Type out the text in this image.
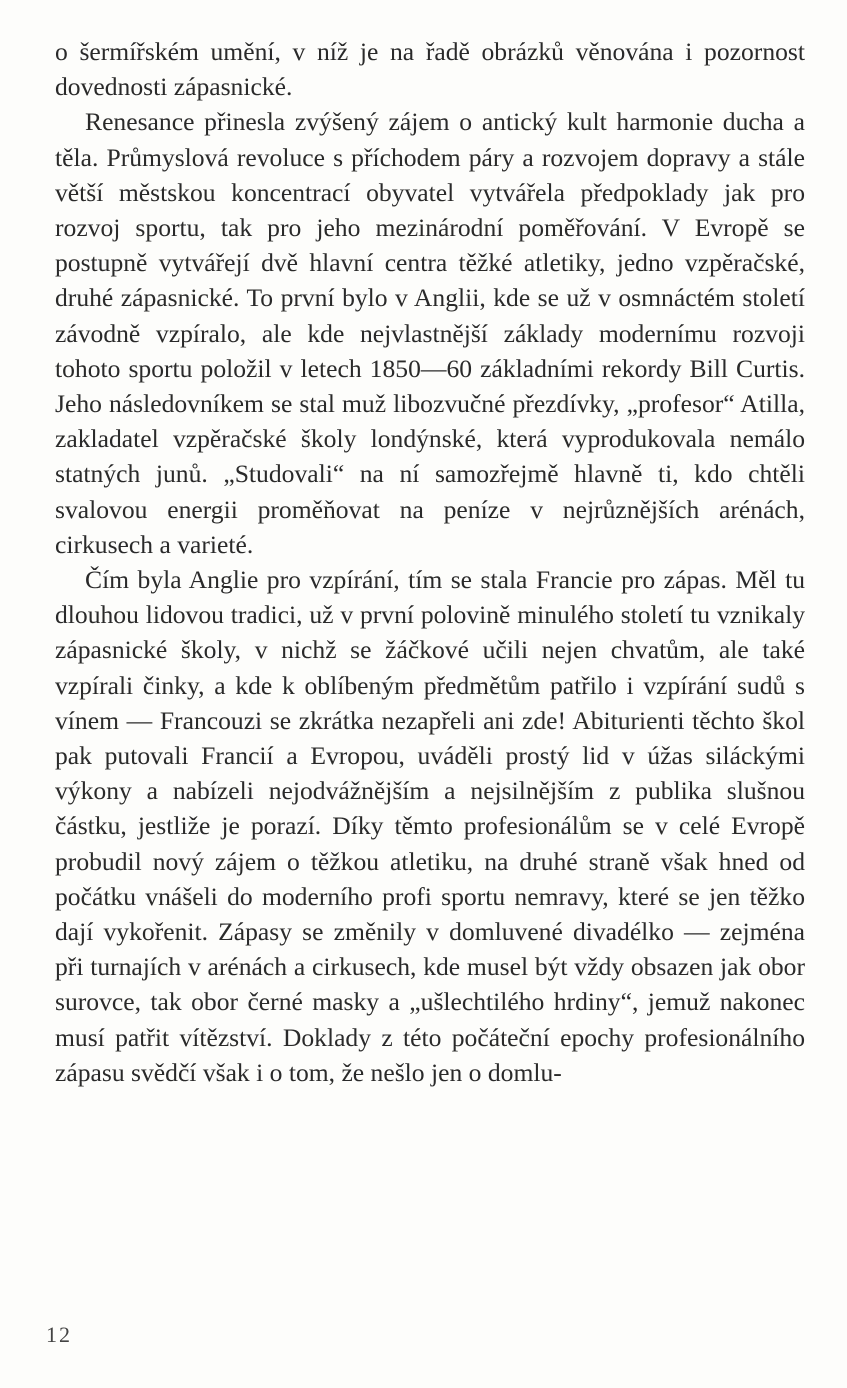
o šermířském umění, v níž je na řadě obrázků věnována i pozornost dovednosti zápasnické.

Renesance přinesla zvýšený zájem o antický kult harmonie ducha a těla. Průmyslová revoluce s příchodem páry a rozvojem dopravy a stále větší městskou koncentrací obyvatel vytvářela předpoklady jak pro rozvoj sportu, tak pro jeho mezinárodní poměřování. V Evropě se postupně vytvářejí dvě hlavní centra těžké atletiky, jedno vzpěračské, druhé zápasnické. To první bylo v Anglii, kde se už v osmnáctém století závodně vzpíralo, ale kde nejvlastnější základy modernímu rozvoji tohoto sportu položil v letech 1850—60 základními rekordy Bill Curtis. Jeho následovníkem se stal muž libozvučné přezdívky, „profesor“ Atilla, zakladatel vzpěračské školy londýnské, která vyprodukovala nemálo statných junů. „Studovali“ na ní samozřejmě hlavně ti, kdo chtěli svalovou energii proměňovat na peníze v nejrůznějších arénách, cirkusech a varieté.

Čím byla Anglie pro vzpírání, tím se stala Francie pro zápas. Měl tu dlouhou lidovou tradici, už v první polovině minulého století tu vznikaly zápasnické školy, v nichž se žáčkové učili nejen chvatům, ale také vzpírali činky, a kde k oblíbeným předmětům patřilo i vzpírání sudů s vínem — Francouzi se zkrátka nezapřeli ani zde! Abiturienti těchto škol pak putovali Francií a Evropou, uváděli prostý lid v úžas siláckými výkony a nabízeli nejodvážnějším a nejsilnějším z publika slušnou částku, jestliže je porazí. Díky těmto profesionálům se v celé Evropě probudil nový zájem o těžkou atletiku, na druhé straně však hned od počátku vnášeli do moderního profi sportu nemravy, které se jen těžko dají vykořenit. Zápasy se změnily v domluvené divadélko — zejména při turnajích v arénách a cirkusech, kde musel být vždy obsazen jak obor surovce, tak obor černé masky a „ušlechtilého hrdiny“, jemuž nakonec musí patřit vítězství. Doklady z této počáteční epochy profesionálního zápasu svědčí však i o tom, že nešlo jen o domlu-

12
